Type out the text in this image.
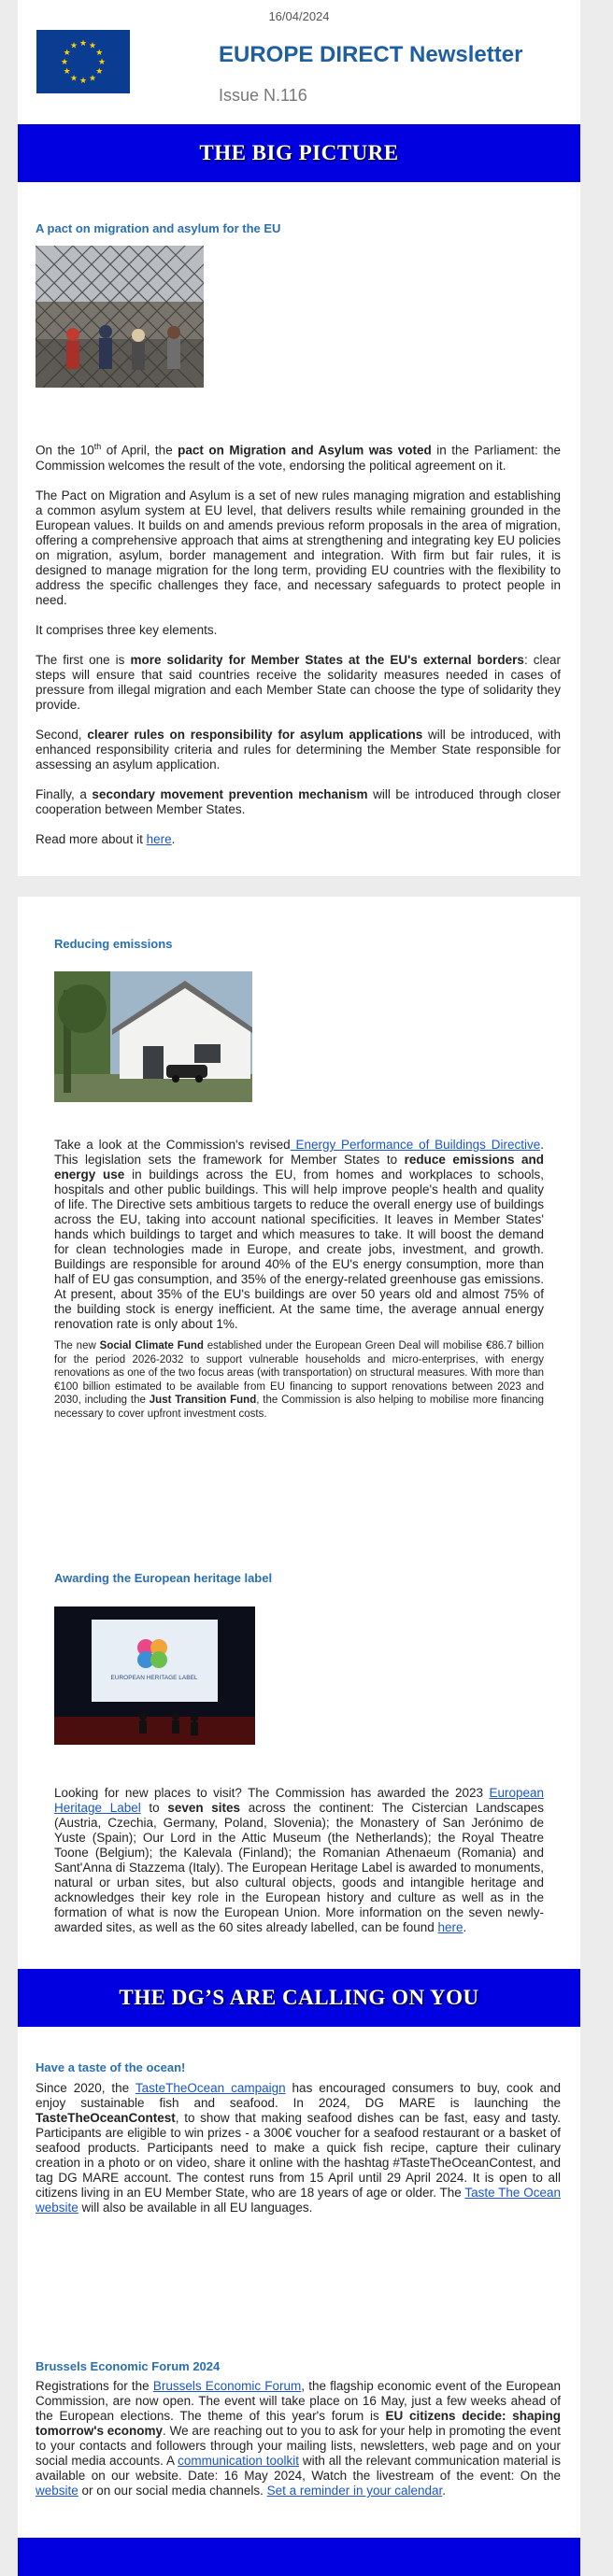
16/04/2024
★ ★
★
★
★
★
★
★
★
★
★
★	EUROPE DIRECT Newsletter
Issue N.116
THE BIG PICTURE
A pact on migration and asylum for the EU

On the 10th of April, the pact on Migration and Asylum was voted in the Parliament: the Commission welcomes the result of the vote, endorsing the political agreement on it.

The Pact on Migration and Asylum is a set of new rules managing migration and establishing a common asylum system at EU level, that delivers results while remaining grounded in the European values. It builds on and amends previous reform proposals in the area of migration, offering a comprehensive approach that aims at strengthening and integrating key EU policies on migration, asylum, border management and integration. With firm but fair rules, it is designed to manage migration for the long term, providing EU countries with the flexibility to address the specific challenges they face, and necessary safeguards to protect people in need.

It comprises three key elements.

The first one is more solidarity for Member States at the EU's external borders: clear steps will ensure that said countries receive the solidarity measures needed in cases of pressure from illegal migration and each Member State can choose the type of solidarity they provide.

Second, clearer rules on responsibility for asylum applications will be introduced, with enhanced responsibility criteria and rules for determining the Member State responsible for assessing an asylum application.

Finally, a secondary movement prevention mechanism will be introduced through closer cooperation between Member States.

Read more about it here.

Reducing emissions

Take a look at the Commission's revised Energy Performance of Buildings Directive. This legislation sets the framework for Member States to reduce emissions and energy use in buildings across the EU, from homes and workplaces to schools, hospitals and other public buildings. This will help improve people's health and quality of life. The Directive sets ambitious targets to reduce the overall energy use of buildings across the EU, taking into account national specificities. It leaves in Member States' hands which buildings to target and which measures to take. It will boost the demand for clean technologies made in Europe, and create jobs, investment, and growth. Buildings are responsible for around 40% of the EU's energy consumption, more than half of EU gas consumption, and 35% of the energy-related greenhouse gas emissions. At present, about 35% of the EU's buildings are over 50 years old and almost 75% of the building stock is energy inefficient. At the same time, the average annual energy renovation rate is only about 1%.

The new Social Climate Fund established under the European Green Deal will mobilise €86.7 billion for the period 2026-2032 to support vulnerable households and micro-enterprises, with energy renovations as one of the two focus areas (with transportation) on structural measures. With more than €100 billion estimated to be available from EU financing to support renovations between 2023 and 2030, including the Just Transition Fund, the Commission is also helping to mobilise more financing necessary to cover upfront investment costs.

Awarding the European heritage label
EUROPEAN HERITAGE LABEL

Looking for new places to visit? The Commission has awarded the 2023 European Heritage Label to seven sites across the continent: The Cistercian Landscapes (Austria, Czechia, Germany, Poland, Slovenia); the Monastery of San Jerónimo de Yuste (Spain); Our Lord in the Attic Museum (the Netherlands); the Royal Theatre Toone (Belgium); the Kalevala (Finland); the Romanian Athenaeum (Romania) and Sant'Anna di Stazzema (Italy). The European Heritage Label is awarded to monuments, natural or urban sites, but also cultural objects, goods and intangible heritage and acknowledges their key role in the European history and culture as well as in the formation of what is now the European Union. More information on the seven newly-awarded sites, as well as the 60 sites already labelled, can be found here.

THE DG’S ARE CALLING ON YOU
Have a taste of the ocean!

Since 2020, the TasteTheOcean campaign has encouraged consumers to buy, cook and enjoy sustainable fish and seafood. In 2024, DG MARE is launching the TasteTheOceanContest, to show that making seafood dishes can be fast, easy and tasty. Participants are eligible to win prizes - a 300€ voucher for a seafood restaurant or a basket of seafood products. Participants need to make a quick fish recipe, capture their culinary creation in a photo or on video, share it online with the hashtag #TasteTheOceanContest, and tag DG MARE account. The contest runs from 15 April until 29 April 2024. It is open to all citizens living in an EU Member State, who are 18 years of age or older. The Taste The Ocean website will also be available in all EU languages.

Brussels Economic Forum 2024

Registrations for the Brussels Economic Forum, the flagship economic event of the European Commission, are now open. The event will take place on 16 May, just a few weeks ahead of the European elections. The theme of this year's forum is EU citizens decide: shaping tomorrow's economy. We are reaching out to you to ask for your help in promoting the event to your contacts and followers through your mailing lists, newsletters, web page and on your social media accounts. A communication toolkit with all the relevant communication material is available on our website. Date: 16 May 2024, Watch the livestream of the event: On the website or on our social media channels. Set a reminder in your calendar.
